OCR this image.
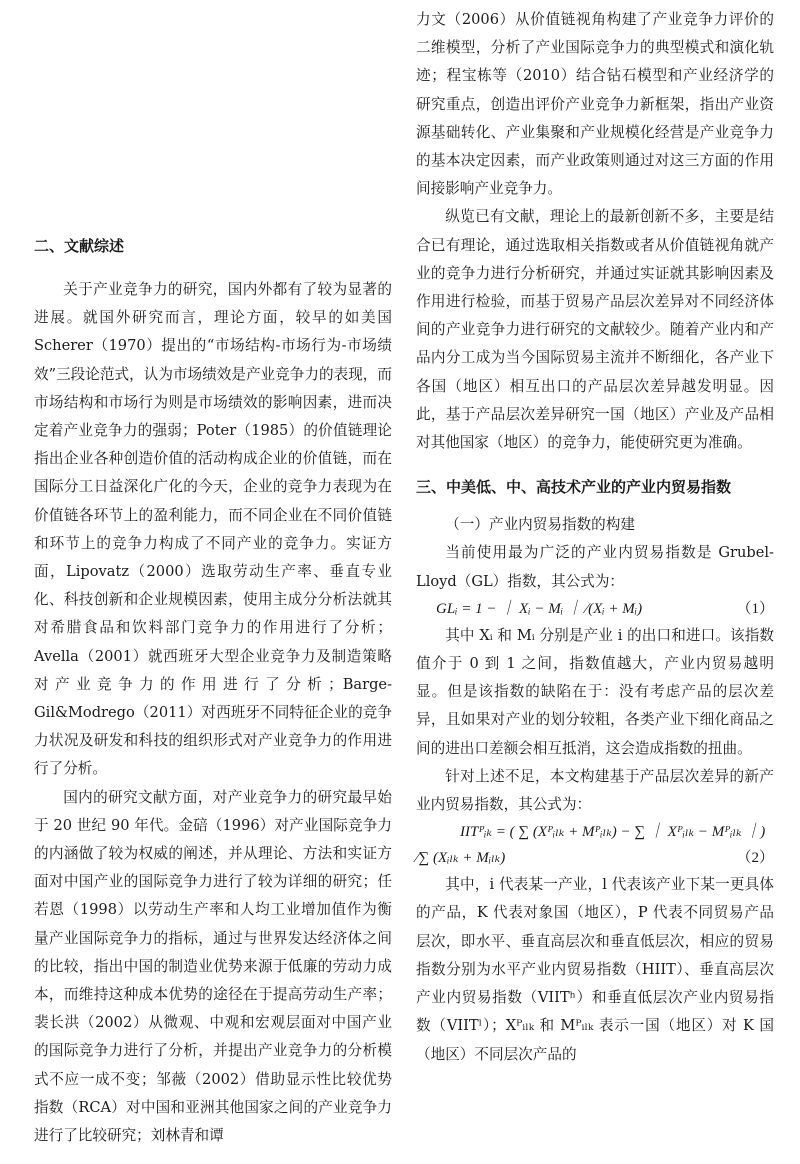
二、文献综述

关于产业竞争力的研究，国内外都有了较为显著的进展。就国外研究而言，理论方面，较早的如美国 Scherer（1970）提出的“市场结构-市场行为-市场绩效”三段论范式，认为市场绩效是产业竞争力的表现，而市场结构和市场行为则是市场绩效的影响因素，进而决定着产业竞争力的强弱；Poter（1985）的价值链理论指出企业各种创造价值的活动构成企业的价值链，而在国际分工日益深化广化的今天，企业的竞争力表现为在价值链各环节上的盈利能力，而不同企业在不同价值链和环节上的竞争力构成了不同产业的竞争力。实证方面，Lipovatz（2000）选取劳动生产率、垂直专业化、科技创新和企业规模因素，使用主成分分析法就其对希腊食品和饮料部门竞争力的作用进行了分析；Avella（2001）就西班牙大型企业竞争力及制造策略对产业竞争力的作用进行了分析；Barge-Gil&Modrego（2011）对西班牙不同特征企业的竞争力状况及研发和科技的组织形式对产业竞争力的作用进行了分析。

国内的研究文献方面，对产业竞争力的研究最早始于 20 世纪 90 年代。金碚（1996）对产业国际竞争力的内涵做了较为权威的阐述，并从理论、方法和实证方面对中国产业的国际竞争力进行了较为详细的研究；任若恩（1998）以劳动生产率和人均工业增加值作为衡量产业国际竞争力的指标，通过与世界发达经济体之间的比较，指出中国的制造业优势来源于低廉的劳动力成本，而维持这种成本优势的途径在于提高劳动生产率；裴长洪（2002）从微观、中观和宏观层面对中国产业的国际竞争力进行了分析，并提出产业竞争力的分析模式不应一成不变；邹薇（2002）借助显示性比较优势指数（RCA）对中国和亚洲其他国家之间的产业竞争力进行了比较研究；刘林青和谭

力文（2006）从价值链视角构建了产业竞争力评价的二维模型，分析了产业国际竞争力的典型模式和演化轨迹；程宝栋等（2010）结合钻石模型和产业经济学的研究重点，创造出评价产业竞争力新框架，指出产业资源基础转化、产业集聚和产业规模化经营是产业竞争力的基本决定因素，而产业政策则通过对这三方面的作用间接影响产业竞争力。

纵览已有文献，理论上的最新创新不多，主要是结合已有理论，通过选取相关指数或者从价值链视角就产业的竞争力进行分析研究，并通过实证就其影响因素及作用进行检验，而基于贸易产品层次差异对不同经济体间的产业竞争力进行研究的文献较少。随着产业内和产品内分工成为当今国际贸易主流并不断细化，各产业下各国（地区）相互出口的产品层次差异越发明显。因此，基于产品层次差异研究一国（地区）产业及产品相对其他国家（地区）的竞争力，能使研究更为准确。

三、中美低、中、高技术产业的产业内贸易指数

（一）产业内贸易指数的构建

当前使用最为广泛的产业内贸易指数是 Grubel-Lloyd（GL）指数，其公式为：

GLᵢ = 1 − ｜ Xᵢ − Mᵢ ｜ ∕(Xᵢ + Mᵢ)	（1）

其中 Xᵢ 和 Mᵢ 分别是产业 i 的出口和进口。该指数值介于 0 到 1 之间，指数值越大，产业内贸易越明显。但是该指数的缺陷在于：没有考虑产品的层次差异，且如果对产业的划分较粗，各类产业下细化商品之间的进出口差额会相互抵消，这会造成指数的扭曲。

针对上述不足，本文构建基于产品层次差异的新产业内贸易指数，其公式为：

IITᴾᵢₖ = ( ∑ (Xᴾᵢₗₖ + Mᴾᵢₗₖ) − ∑ ｜ Xᴾᵢₗₖ − Mᴾᵢₗₖ ｜)
∕∑ (Xᵢₗₖ + Mᵢₗₖ)	（2）

其中，i 代表某一产业，l 代表该产业下某一更具体的产品，K 代表对象国（地区），P 代表不同贸易产品层次，即水平、垂直高层次和垂直低层次，相应的贸易指数分别为水平产业内贸易指数（HIIT）、垂直高层次产业内贸易指数（VIITʰ）和垂直低层次产业内贸易指数（VIITˡ）；Xᴾᵢₗₖ 和 Mᴾᵢₗₖ 表示一国（地区）对 K 国（地区）不同层次产品的
